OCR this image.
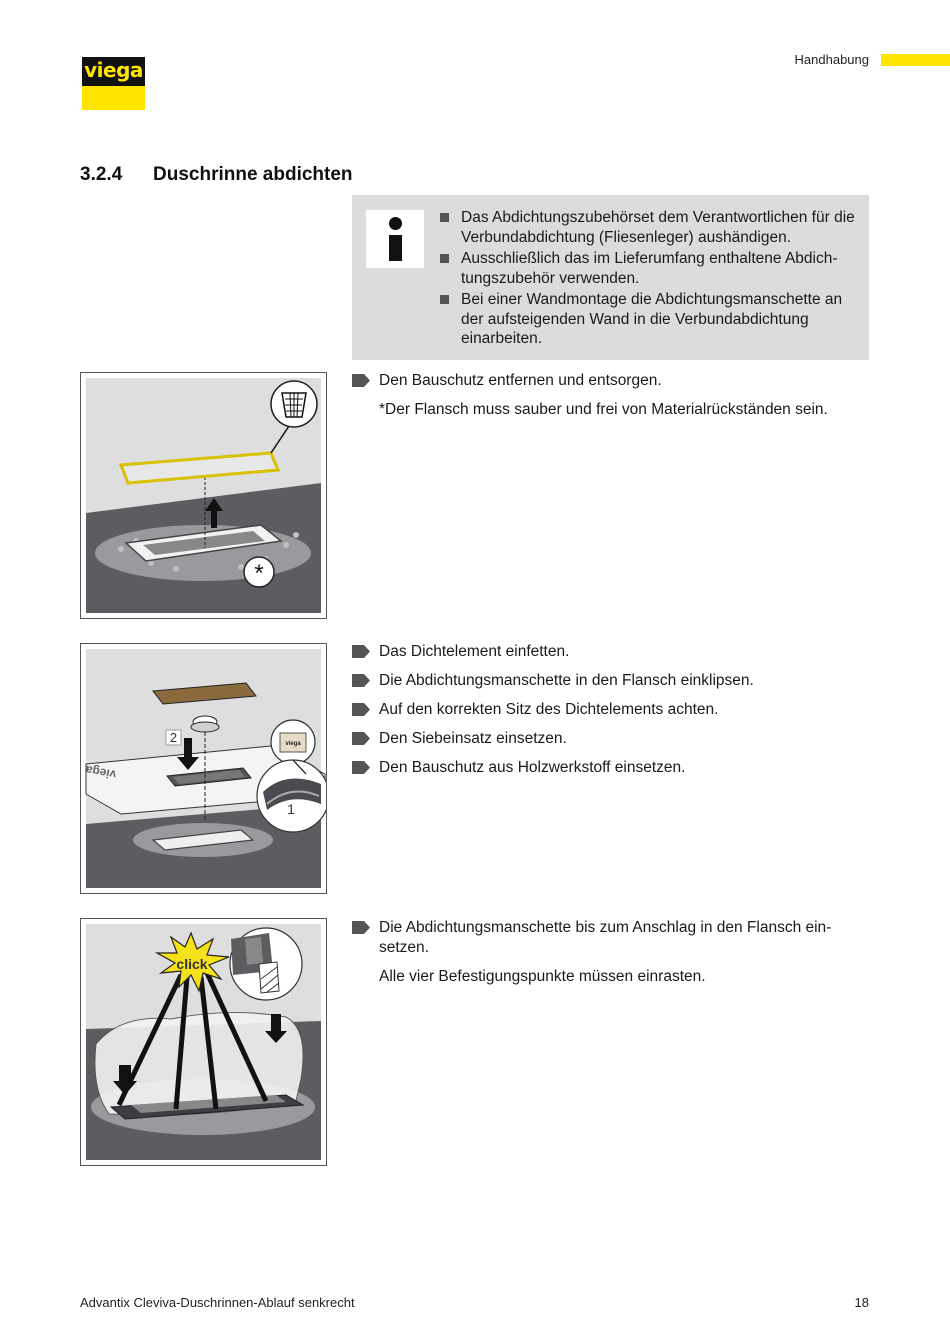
viega	Handhabung
3.2.4 Duschrinne abdichten
Das Abdichtungszubehörset dem Verantwortlichen für die Verbundabdichtung (Fliesenleger) aushändigen.
Ausschließlich das im Lieferumfang enthaltene Abdichtungszubehör verwenden.
Bei einer Wandmontage die Abdichtungsmanschette an der aufsteigenden Wand in die Verbundabdichtung einarbeiten.
*
Den Bauschutz entfernen und entsorgen.
*Der Flansch muss sauber und frei von Materialrückständen sein.
viega
2	viega
1
Das Dichtelement einfetten.
Die Abdichtungsmanschette in den Flansch einklipsen.
Auf den korrekten Sitz des Dichtelements achten.
Den Siebeinsatz einsetzen.
Den Bauschutz aus Holzwerkstoff einsetzen.
click
Die Abdichtungsmanschette bis zum Anschlag in den Flansch einsetzen.
Alle vier Befestigungspunkte müssen einrasten.
Advantix Cleviva-Duschrinnen-Ablauf senkrecht	18
